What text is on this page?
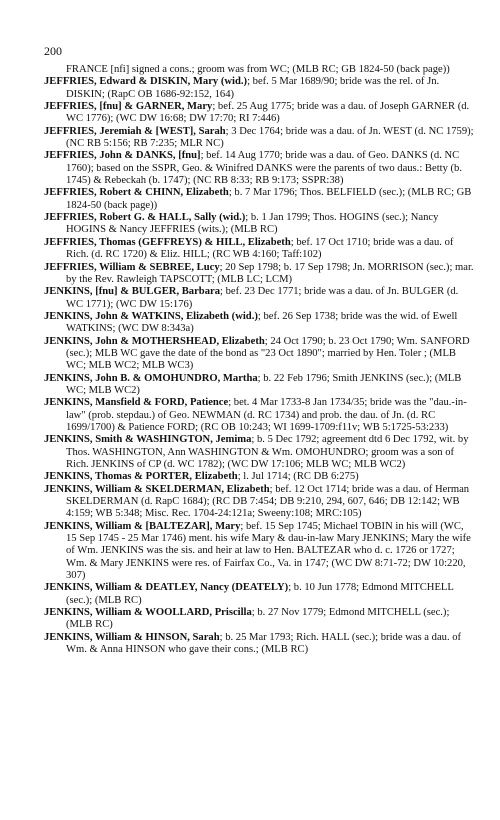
200

FRANCE [nfi] signed a cons.; groom was from WC; (MLB RC; GB 1824-50 (back page))

JEFFRIES, Edward & DISKIN, Mary (wid.); bef. 5 Mar 1689/90; bride was the rel. of Jn. DISKIN; (RapC OB 1686-92:152, 164)

JEFFRIES, [fnu] & GARNER, Mary; bef. 25 Aug 1775; bride was a dau. of Joseph GARNER (d. WC 1776); (WC DW 16:68; DW 17:70; RI 7:446)

JEFFRIES, Jeremiah & [WEST], Sarah; 3 Dec 1764; bride was a dau. of Jn. WEST (d. NC 1759); (NC RB 5:156; RB 7:235; MLR NC)

JEFFRIES, John & DANKS, [fnu]; bef. 14 Aug 1770; bride was a dau. of Geo. DANKS (d. NC 1760); based on the SSPR, Geo. & Winifred DANKS were the parents of two daus.: Betty (b. 1745) & Rebeckah (b. 1747); (NC RB 8:33; RB 9:173; SSPR:38)

JEFFRIES, Robert & CHINN, Elizabeth; b. 7 Mar 1796; Thos. BELFIELD (sec.); (MLB RC; GB 1824-50 (back page))

JEFFRIES, Robert G. & HALL, Sally (wid.); b. 1 Jan 1799; Thos. HOGINS (sec.); Nancy HOGINS & Nancy JEFFRIES (wits.); (MLB RC)

JEFFRIES, Thomas (GEFFREYS) & HILL, Elizabeth; bef. 17 Oct 1710; bride was a dau. of Rich. (d. RC 1720) & Eliz. HILL; (RC WB 4:160; Taff:102)

JEFFRIES, William & SEBREE, Lucy; 20 Sep 1798; b. 17 Sep 1798; Jn. MORRISON (sec.); mar. by the Rev. Rawleigh TAPSCOTT; (MLB LC; LCM)

JENKINS, [fnu] & BULGER, Barbara; bef. 23 Dec 1771; bride was a dau. of Jn. BULGER (d. WC 1771); (WC DW 15:176)

JENKINS, John & WATKINS, Elizabeth (wid.); bef. 26 Sep 1738; bride was the wid. of Ewell WATKINS; (WC DW 8:343a)

JENKINS, John & MOTHERSHEAD, Elizabeth; 24 Oct 1790; b. 23 Oct 1790; Wm. SANFORD (sec.); MLB WC gave the date of the bond as "23 Oct 1890"; married by Hen. Toler ; (MLB WC; MLB WC2; MLB WC3)

JENKINS, John B. & OMOHUNDRO, Martha; b. 22 Feb 1796; Smith JENKINS (sec.); (MLB WC; MLB WC2)

JENKINS, Mansfield & FORD, Patience; bet. 4 Mar 1733-8 Jan 1734/35; bride was the "dau.-in-law" (prob. stepdau.) of Geo. NEWMAN (d. RC 1734) and prob. the dau. of Jn. (d. RC 1699/1700) & Patience FORD; (RC OB 10:243; WI 1699-1709:f11v; WB 5:1725-53:233)

JENKINS, Smith & WASHINGTON, Jemima; b. 5 Dec 1792; agreement dtd 6 Dec 1792, wit. by Thos. WASHINGTON, Ann WASHINGTON & Wm. OMOHUNDRO; groom was a son of Rich. JENKINS of CP (d. WC 1782); (WC DW 17:106; MLB WC; MLB WC2)

JENKINS, Thomas & PORTER, Elizabeth; l. Jul 1714; (RC DB 6:275)

JENKINS, William & SKELDERMAN, Elizabeth; bef. 12 Oct 1714; bride was a dau. of Herman SKELDERMAN (d. RapC 1684); (RC DB 7:454; DB 9:210, 294, 607, 646; DB 12:142; WB 4:159; WB 5:348; Misc. Rec. 1704-24:121a; Sweeny:108; MRC:105)

JENKINS, William & [BALTEZAR], Mary; bef. 15 Sep 1745; Michael TOBIN in his will (WC, 15 Sep 1745 - 25 Mar 1746) ment. his wife Mary & dau-in-law Mary JENKINS; Mary the wife of Wm. JENKINS was the sis. and heir at law to Hen. BALTEZAR who d. c. 1726 or 1727; Wm. & Mary JENKINS were res. of Fairfax Co., Va. in 1747; (WC DW 8:71-72; DW 10:220, 307)

JENKINS, William & DEATLEY, Nancy (DEATELY); b. 10 Jun 1778; Edmond MITCHELL (sec.); (MLB RC)

JENKINS, William & WOOLLARD, Priscilla; b. 27 Nov 1779; Edmond MITCHELL (sec.); (MLB RC)

JENKINS, William & HINSON, Sarah; b. 25 Mar 1793; Rich. HALL (sec.); bride was a dau. of Wm. & Anna HINSON who gave their cons.; (MLB RC)
